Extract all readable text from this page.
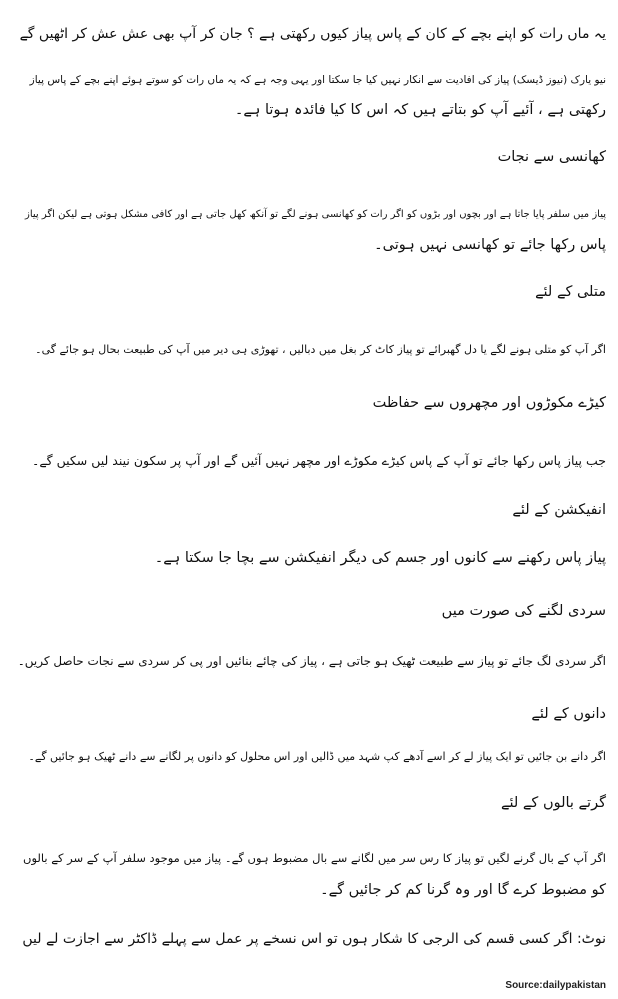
یہ ماں رات کو اپنے بچے کے کان کے پاس پیاز کیوں رکھتی ہے ؟ جان کر آپ بھی عش عش کر اٹھیں گے
نیو یارک (نیوز ڈیسک) پیاز کی افادیت سے انکار نہیں کیا جا سکتا اور یہی وجہ ہے کہ یہ ماں رات کو سوتے ہوئے اپنے بچے کے پاس پیاز
رکھتی ہے ، آئیے آپ کو بتاتے ہیں کہ اس کا کیا فائدہ ہوتا ہے۔
کھانسی سے نجات
پیاز میں سلفر پایا جاتا ہے اور بچوں اور بڑوں کو اگر رات کو کھانسی ہونے لگے تو آنکھ کھل جاتی ہے اور کافی مشکل ہوتی ہے لیکن اگر پیاز
پاس رکھا جائے تو کھانسی نہیں ہوتی۔
متلی کے لئے
اگر آپ کو متلی ہونے لگے یا دل گھبرائے تو پیاز کاٹ کر بغل میں دبالیں ، تھوڑی ہی دیر میں آپ کی طبیعت بحال ہو جائے گی۔
کیڑے مکوڑوں اور مچھروں سے حفاظت
جب پیاز پاس رکھا جائے تو آپ کے پاس کیڑے مکوڑے اور مچھر نہیں آئیں گے اور آپ پر سکون نیند لیں سکیں گے۔
انفیکشن کے لئے
پیاز پاس رکھنے سے کانوں اور جسم کی دیگر انفیکشن سے بچا جا سکتا ہے۔
سردی لگنے کی صورت میں
اگر سردی لگ جائے تو پیاز سے طبیعت ٹھیک ہو جاتی ہے ، پیاز کی چائے بنائیں اور پی کر سردی سے نجات حاصل کریں۔
دانوں کے لئے
اگر دانے بن جائیں تو ایک پیاز لے کر اسے آدھے کپ شہد میں ڈالیں اور اس محلول کو دانوں پر لگانے سے دانے ٹھیک ہو جائیں گے۔
گرتے بالوں کے لئے
اگر آپ کے بال گرنے لگیں تو پیاز کا رس سر میں لگانے سے بال مضبوط ہوں گے۔ پیاز میں موجود سلفر آپ کے سر کے بالوں
کو مضبوط کرے گا اور وہ گرنا کم کر جائیں گے۔
نوٹ: اگر کسی قسم کی الرجی کا شکار ہوں تو اس نسخے پر عمل سے پہلے ڈاکٹر سے اجازت لے لیں
Source:dailypakistan
